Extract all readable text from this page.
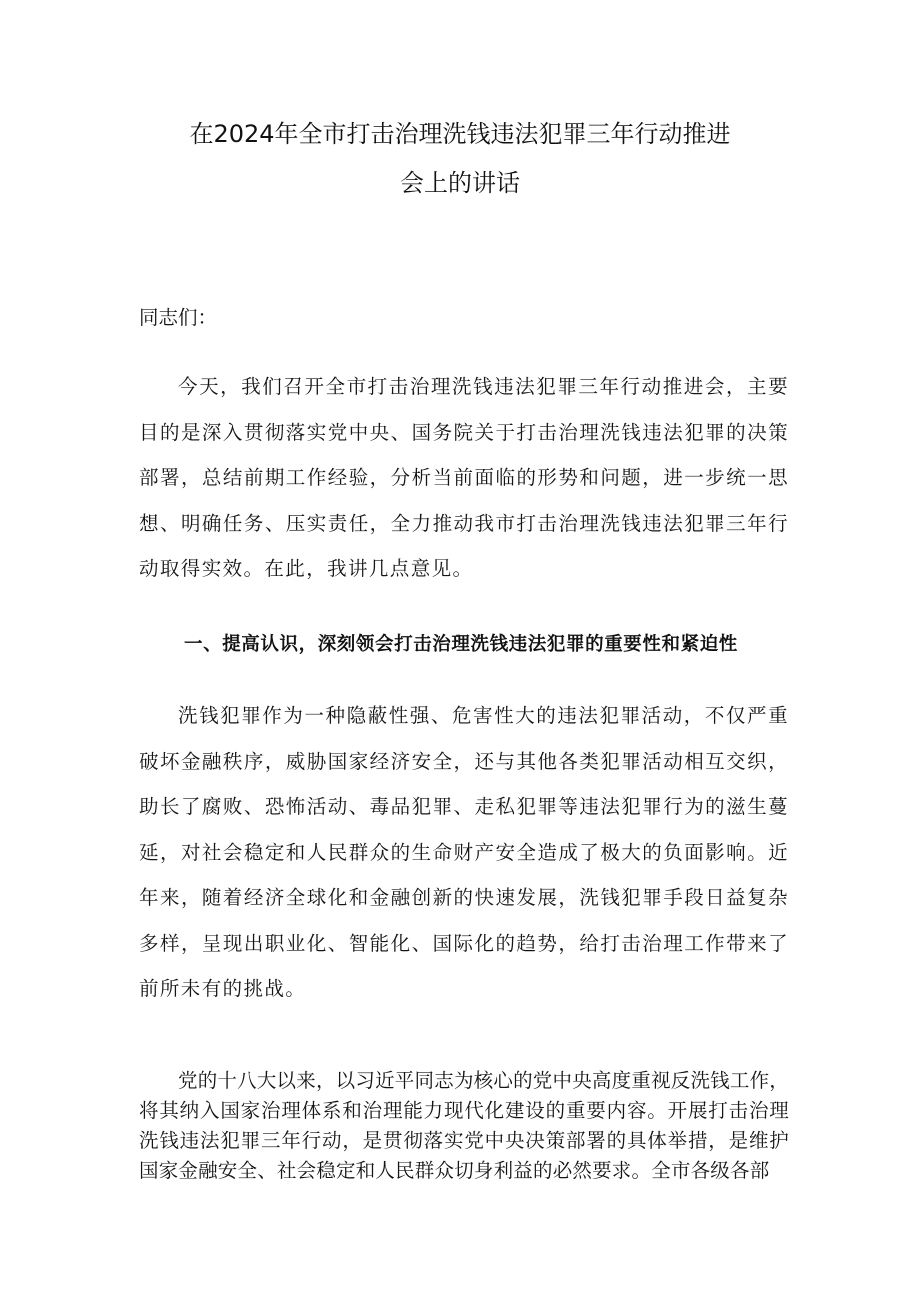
在2024年全市打击治理洗钱违法犯罪三年行动推进
会上的讲话
同志们：
今天，我们召开全市打击治理洗钱违法犯罪三年行动推进会，主要目的是深入贯彻落实党中央、国务院关于打击治理洗钱违法犯罪的决策部署，总结前期工作经验，分析当前面临的形势和问题，进一步统一思想、明确任务、压实责任，全力推动我市打击治理洗钱违法犯罪三年行动取得实效。在此，我讲几点意见。
一、提高认识，深刻领会打击治理洗钱违法犯罪的重要性和紧迫性
洗钱犯罪作为一种隐蔽性强、危害性大的违法犯罪活动，不仅严重破坏金融秩序，威胁国家经济安全，还与其他各类犯罪活动相互交织，助长了腐败、恐怖活动、毒品犯罪、走私犯罪等违法犯罪行为的滋生蔓延，对社会稳定和人民群众的生命财产安全造成了极大的负面影响。近年来，随着经济全球化和金融创新的快速发展，洗钱犯罪手段日益复杂多样，呈现出职业化、智能化、国际化的趋势，给打击治理工作带来了前所未有的挑战。
党的十八大以来，以习近平同志为核心的党中央高度重视反洗钱工作，将其纳入国家治理体系和治理能力现代化建设的重要内容。开展打击治理洗钱违法犯罪三年行动，是贯彻落实党中央决策部署的具体举措，是维护国家金融安全、社会稳定和人民群众切身利益的必然要求。全市各级各部
